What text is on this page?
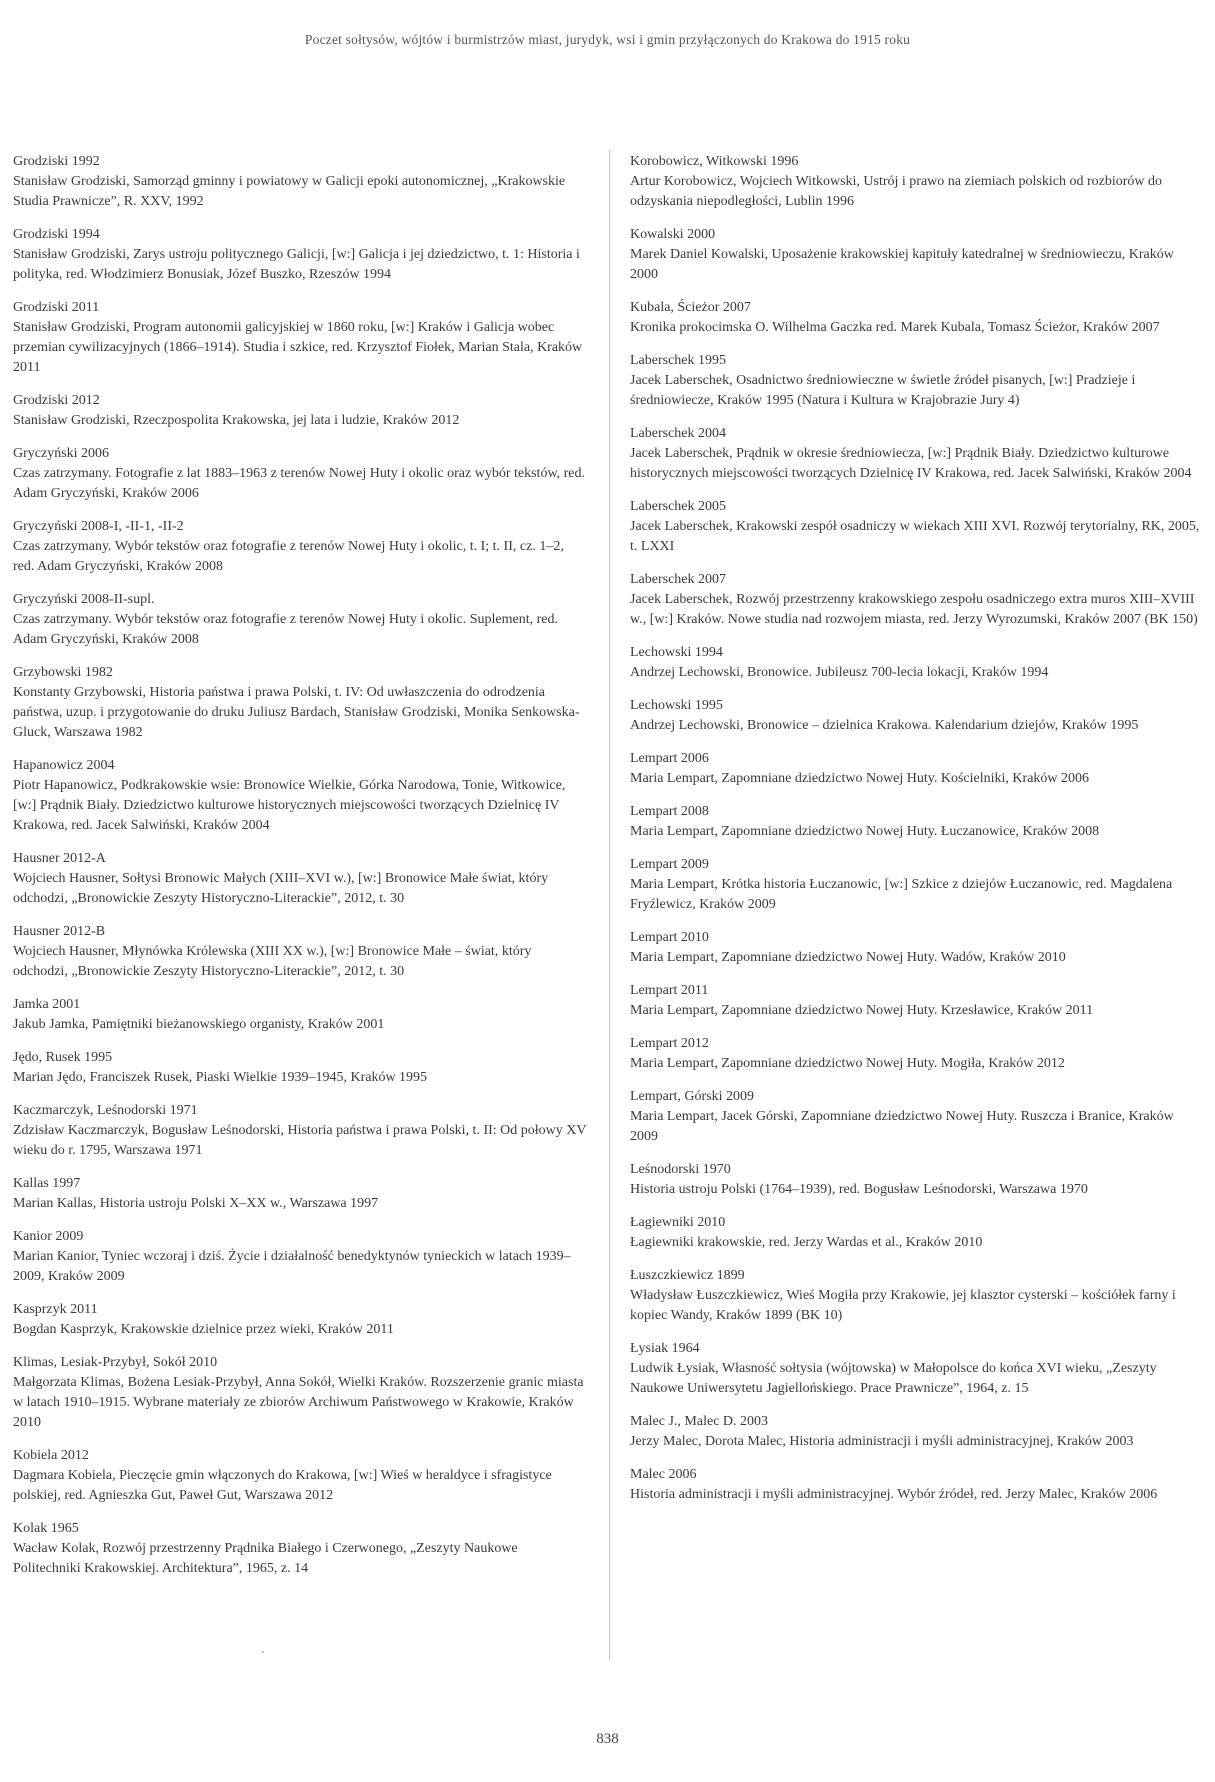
Poczet sołtysów, wójtów i burmistrzów miast, jurydyk, wsi i gmin przyłączonych do Krakowa do 1915 roku
Grodziski 1992
Stanisław Grodziski, Samorząd gminny i powiatowy w Galicji epoki autonomicznej, „Krakowskie Studia Prawnicze”, R. XXV, 1992
Grodziski 1994
Stanisław Grodziski, Zarys ustroju politycznego Galicji, [w:] Galicja i jej dziedzictwo, t. 1: Historia i polityka, red. Włodzimierz Bonusiak, Józef Buszko, Rzeszów 1994
Grodziski 2011
Stanisław Grodziski, Program autonomii galicyjskiej w 1860 roku, [w:] Kraków i Galicja wobec przemian cywilizacyjnych (1866–1914). Studia i szkice, red. Krzysztof Fiołek, Marian Stala, Kraków 2011
Grodziski 2012
Stanisław Grodziski, Rzeczpospolita Krakowska, jej lata i ludzie, Kraków 2012
Gryczyński 2006
Czas zatrzymany. Fotografie z lat 1883–1963 z terenów Nowej Huty i okolic oraz wybór tekstów, red. Adam Gryczyński, Kraków 2006
Gryczyński 2008-I, -II-1, -II-2
Czas zatrzymany. Wybór tekstów oraz fotografie z terenów Nowej Huty i okolic, t. I; t. II, cz. 1–2, red. Adam Gryczyński, Kraków 2008
Gryczyński 2008-II-supl.
Czas zatrzymany. Wybór tekstów oraz fotografie z terenów Nowej Huty i okolic. Suplement, red. Adam Gryczyński, Kraków 2008
Grzybowski 1982
Konstanty Grzybowski, Historia państwa i prawa Polski, t. IV: Od uwłaszczenia do odrodzenia państwa, uzup. i przygotowanie do druku Juliusz Bardach, Stanisław Grodziski, Monika Senkowska-Gluck, Warszawa 1982
Hapanowicz 2004
Piotr Hapanowicz, Podkrakowskie wsie: Bronowice Wielkie, Górka Narodowa, Tonie, Witkowice, [w:] Prądnik Biały. Dziedzictwo kulturowe historycznych miejscowości tworzących Dzielnicę IV Krakowa, red. Jacek Salwiński, Kraków 2004
Hausner 2012-A
Wojciech Hausner, Sołtysi Bronowic Małych (XIII–XVI w.), [w:] Bronowice Małe świat, który odchodzi, „Bronowickie Zeszyty Historyczno-Literackie”, 2012, t. 30
Hausner 2012-B
Wojciech Hausner, Młynówka Królewska (XIII XX w.), [w:] Bronowice Małe – świat, który odchodzi, „Bronowickie Zeszyty Historyczno-Literackie”, 2012, t. 30
Jamka 2001
Jakub Jamka, Pamiętniki bieżanowskiego organisty, Kraków 2001
Jędo, Rusek 1995
Marian Jędo, Franciszek Rusek, Piaski Wielkie 1939–1945, Kraków 1995
Kaczmarczyk, Leśnodorski 1971
Zdzisław Kaczmarczyk, Bogusław Leśnodorski, Historia państwa i prawa Polski, t. II: Od połowy XV wieku do r. 1795, Warszawa 1971
Kallas 1997
Marian Kallas, Historia ustroju Polski X–XX w., Warszawa 1997
Kanior 2009
Marian Kanior, Tyniec wczoraj i dziś. Życie i działalność benedyktynów tynieckich w latach 1939–2009, Kraków 2009
Kasprzyk 2011
Bogdan Kasprzyk, Krakowskie dzielnice przez wieki, Kraków 2011
Klimas, Lesiak-Przybył, Sokół 2010
Małgorzata Klimas, Bożena Lesiak-Przybył, Anna Sokół, Wielki Kraków. Rozszerzenie granic miasta w latach 1910–1915. Wybrane materiały ze zbiorów Archiwum Państwowego w Krakowie, Kraków 2010
Kobiela 2012
Dagmara Kobiela, Pieczęcie gmin włączonych do Krakowa, [w:] Wieś w heraldyce i sfragistyce polskiej, red. Agnieszka Gut, Paweł Gut, Warszawa 2012
Kolak 1965
Wacław Kolak, Rozwój przestrzenny Prądnika Białego i Czerwonego, „Zeszyty Naukowe Politechniki Krakowskiej. Architektura”, 1965, z. 14
Korobowicz, Witkowski 1996
Artur Korobowicz, Wojciech Witkowski, Ustrój i prawo na ziemiach polskich od rozbiorów do odzyskania niepodległości, Lublin 1996
Kowalski 2000
Marek Daniel Kowalski, Uposażenie krakowskiej kapituły katedralnej w średniowieczu, Kraków 2000
Kubala, Ścieżor 2007
Kronika prokocimska O. Wilhelma Gaczka red. Marek Kubala, Tomasz Ścieżor, Kraków 2007
Laberschek 1995
Jacek Laberschek, Osadnictwo średniowieczne w świetle źródeł pisanych, [w:] Pradzieje i średniowiecze, Kraków 1995 (Natura i Kultura w Krajobrazie Jury 4)
Laberschek 2004
Jacek Laberschek, Prądnik w okresie średniowiecza, [w:] Prądnik Biały. Dziedzictwo kulturowe historycznych miejscowości tworzących Dzielnicę IV Krakowa, red. Jacek Salwiński, Kraków 2004
Laberschek 2005
Jacek Laberschek, Krakowski zespół osadniczy w wiekach XIII XVI. Rozwój terytorialny, RK, 2005, t. LXXI
Laberschek 2007
Jacek Laberschek, Rozwój przestrzenny krakowskiego zespołu osadniczego extra muros XIII–XVIII w., [w:] Kraków. Nowe studia nad rozwojem miasta, red. Jerzy Wyrozumski, Kraków 2007 (BK 150)
Lechowski 1994
Andrzej Lechowski, Bronowice. Jubileusz 700-lecia lokacji, Kraków 1994
Lechowski 1995
Andrzej Lechowski, Bronowice – dzielnica Krakowa. Kalendarium dziejów, Kraków 1995
Lempart 2006
Maria Lempart, Zapomniane dziedzictwo Nowej Huty. Kościelniki, Kraków 2006
Lempart 2008
Maria Lempart, Zapomniane dziedzictwo Nowej Huty. Łuczanowice, Kraków 2008
Lempart 2009
Maria Lempart, Krótka historia Łuczanowic, [w:] Szkice z dziejów Łuczanowic, red. Magdalena Fryźlewicz, Kraków 2009
Lempart 2010
Maria Lempart, Zapomniane dziedzictwo Nowej Huty. Wadów, Kraków 2010
Lempart 2011
Maria Lempart, Zapomniane dziedzictwo Nowej Huty. Krzesławice, Kraków 2011
Lempart 2012
Maria Lempart, Zapomniane dziedzictwo Nowej Huty. Mogiła, Kraków 2012
Lempart, Górski 2009
Maria Lempart, Jacek Górski, Zapomniane dziedzictwo Nowej Huty. Ruszcza i Branice, Kraków 2009
Leśnodorski 1970
Historia ustroju Polski (1764–1939), red. Bogusław Leśnodorski, Warszawa 1970
Łagiewniki 2010
Łagiewniki krakowskie, red. Jerzy Wardas et al., Kraków 2010
Łuszczkiewicz 1899
Władysław Łuszczkiewicz, Wieś Mogiła przy Krakowie, jej klasztor cysterski – kościółek farny i kopiec Wandy, Kraków 1899 (BK 10)
Łysiak 1964
Ludwik Łysiak, Własność sołtysia (wójtowska) w Małopolsce do końca XVI wieku, „Zeszyty Naukowe Uniwersytetu Jagiellońskiego. Prace Prawnicze”, 1964, z. 15
Malec J., Malec D. 2003
Jerzy Malec, Dorota Malec, Historia administracji i myśli administracyjnej, Kraków 2003
Malec 2006
Historia administracji i myśli administracyjnej. Wybór źródeł, red. Jerzy Malec, Kraków 2006
838
